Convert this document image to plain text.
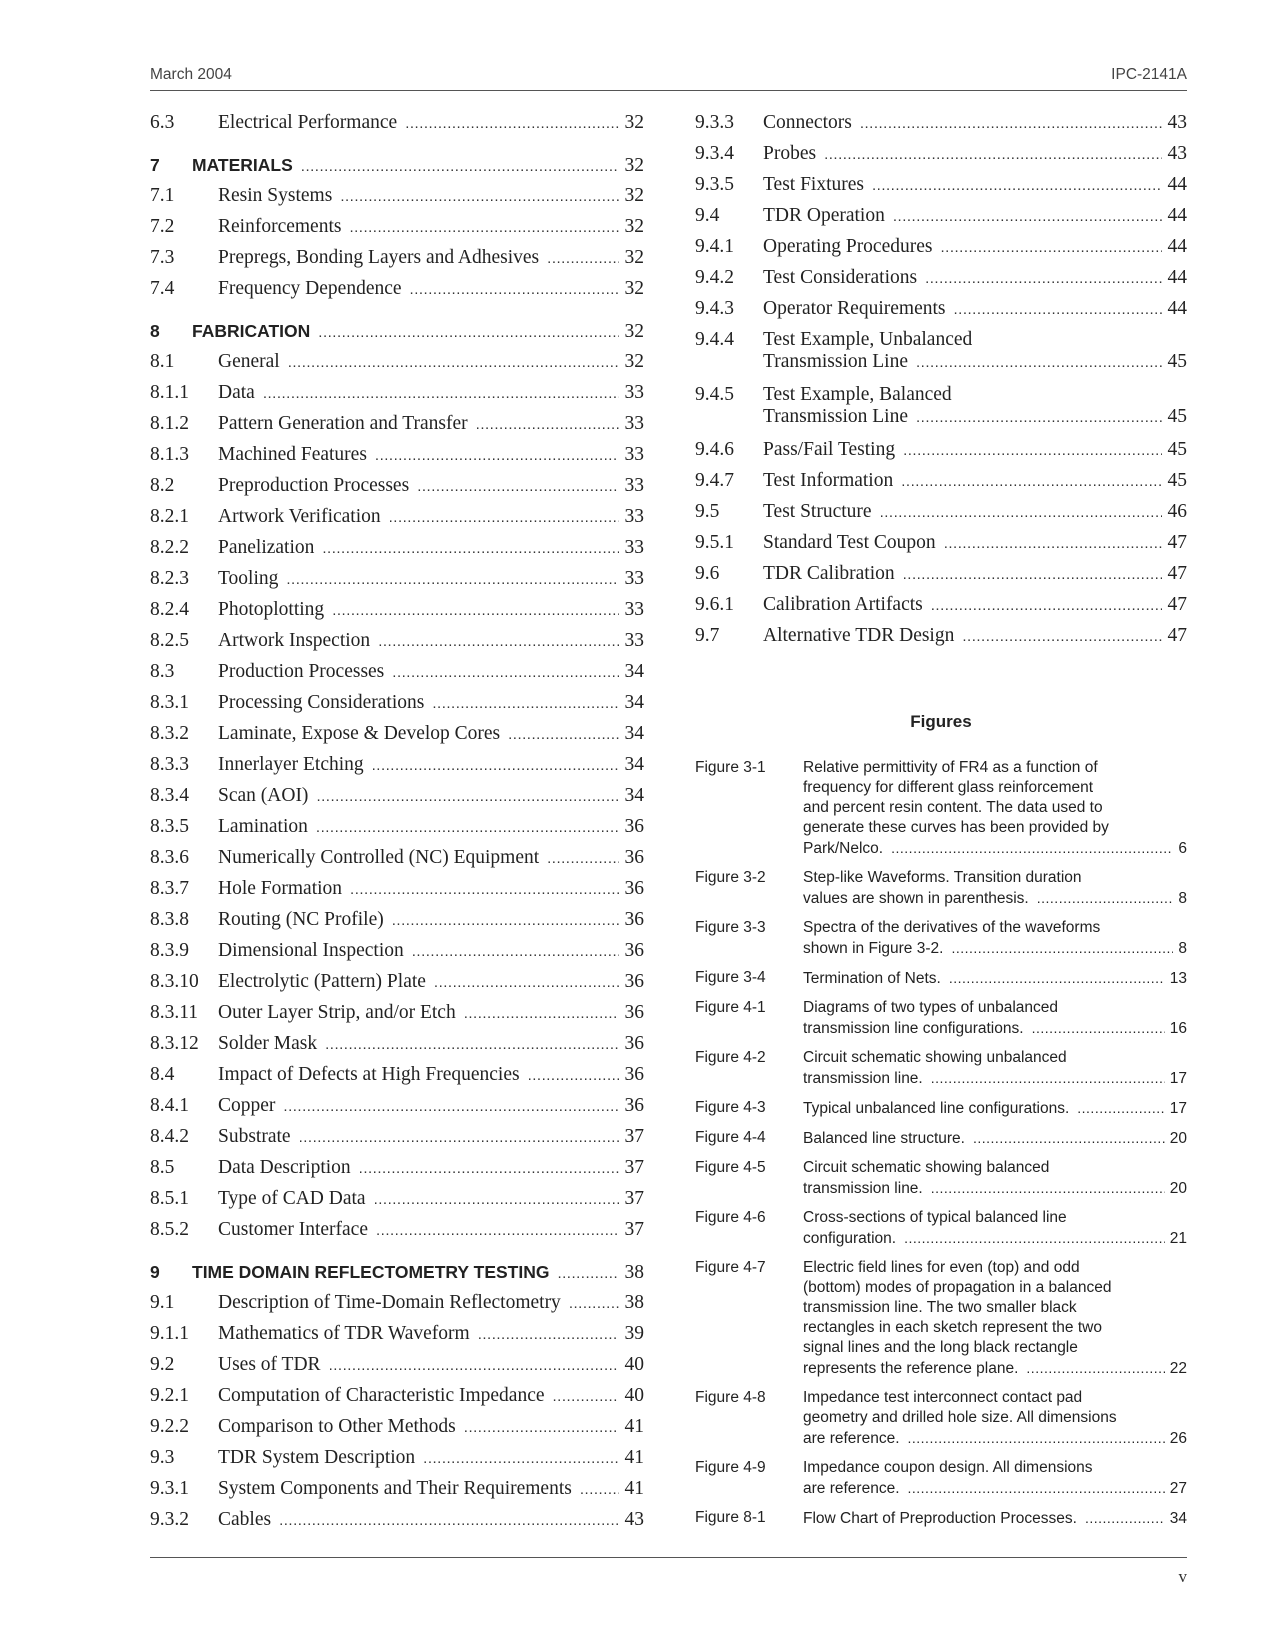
March 2004	IPC-2141A
6.3 Electrical Performance .....	32
7 MATERIALS .....	32
7.1 Resin Systems .....	32
7.2 Reinforcements .....	32
7.3 Prepregs, Bonding Layers and Adhesives .....	32
7.4 Frequency Dependence .....	32
8 FABRICATION .....	32
8.1 General .....	32
8.1.1 Data .....	33
8.1.2 Pattern Generation and Transfer .....	33
8.1.3 Machined Features .....	33
8.2 Preproduction Processes .....	33
8.2.1 Artwork Verification .....	33
8.2.2 Panelization .....	33
8.2.3 Tooling .....	33
8.2.4 Photoplotting .....	33
8.2.5 Artwork Inspection .....	33
8.3 Production Processes .....	34
8.3.1 Processing Considerations .....	34
8.3.2 Laminate, Expose & Develop Cores .....	34
8.3.3 Innerlayer Etching .....	34
8.3.4 Scan (AOI) .....	34
8.3.5 Lamination .....	36
8.3.6 Numerically Controlled (NC) Equipment .....	36
8.3.7 Hole Formation .....	36
8.3.8 Routing (NC Profile) .....	36
8.3.9 Dimensional Inspection .....	36
8.3.10 Electrolytic (Pattern) Plate .....	36
8.3.11 Outer Layer Strip, and/or Etch .....	36
8.3.12 Solder Mask .....	36
8.4 Impact of Defects at High Frequencies .....	36
8.4.1 Copper .....	36
8.4.2 Substrate .....	37
8.5 Data Description .....	37
8.5.1 Type of CAD Data .....	37
8.5.2 Customer Interface .....	37
9 TIME DOMAIN REFLECTOMETRY TESTING .....	38
9.1 Description of Time-Domain Reflectometry .....	38
9.1.1 Mathematics of TDR Waveform .....	39
9.2 Uses of TDR .....	40
9.2.1 Computation of Characteristic Impedance .....	40
9.2.2 Comparison to Other Methods .....	41
9.3 TDR System Description .....	41
9.3.1 System Components and Their Requirements .....	41
9.3.2 Cables .....	43
9.3.3 Connectors .....	43
9.3.4 Probes .....	43
9.3.5 Test Fixtures .....	44
9.4 TDR Operation .....	44
9.4.1 Operating Procedures .....	44
9.4.2 Test Considerations .....	44
9.4.3 Operator Requirements .....	44
9.4.4 Test Example, Unbalanced
Transmission Line .....	45
9.4.5 Test Example, Balanced
Transmission Line .....	45
9.4.6 Pass/Fail Testing .....	45
9.4.7 Test Information .....	45
9.5 Test Structure .....	46
9.5.1 Standard Test Coupon .....	47
9.6 TDR Calibration .....	47
9.6.1 Calibration Artifacts .....	47
9.7 Alternative TDR Design .....	47
Figures
Figure 3-1 Relative permittivity of FR4 as a function of
frequency for different glass reinforcement
and percent resin content. The data used to
generate these curves has been provided by
Park/Nelco. .....	6
Figure 3-2 Step-like Waveforms. Transition duration
values are shown in parenthesis. .....	8
Figure 3-3 Spectra of the derivatives of the waveforms
shown in Figure 3-2. .....	8
Figure 3-4 Termination of Nets. .....	13
Figure 4-1 Diagrams of two types of unbalanced
transmission line configurations. .....	16
Figure 4-2 Circuit schematic showing unbalanced
transmission line. .....	17
Figure 4-3 Typical unbalanced line configurations. .....	17
Figure 4-4 Balanced line structure. .....	20
Figure 4-5 Circuit schematic showing balanced
transmission line. .....	20
Figure 4-6 Cross-sections of typical balanced line
configuration. .....	21
Figure 4-7 Electric field lines for even (top) and odd
(bottom) modes of propagation in a balanced
transmission line. The two smaller black
rectangles in each sketch represent the two
signal lines and the long black rectangle
represents the reference plane. .....	22
Figure 4-8 Impedance test interconnect contact pad
geometry and drilled hole size. All dimensions
are reference. .....	26
Figure 4-9 Impedance coupon design. All dimensions
are reference. .....	27
Figure 8-1 Flow Chart of Preproduction Processes. .....	34
v
